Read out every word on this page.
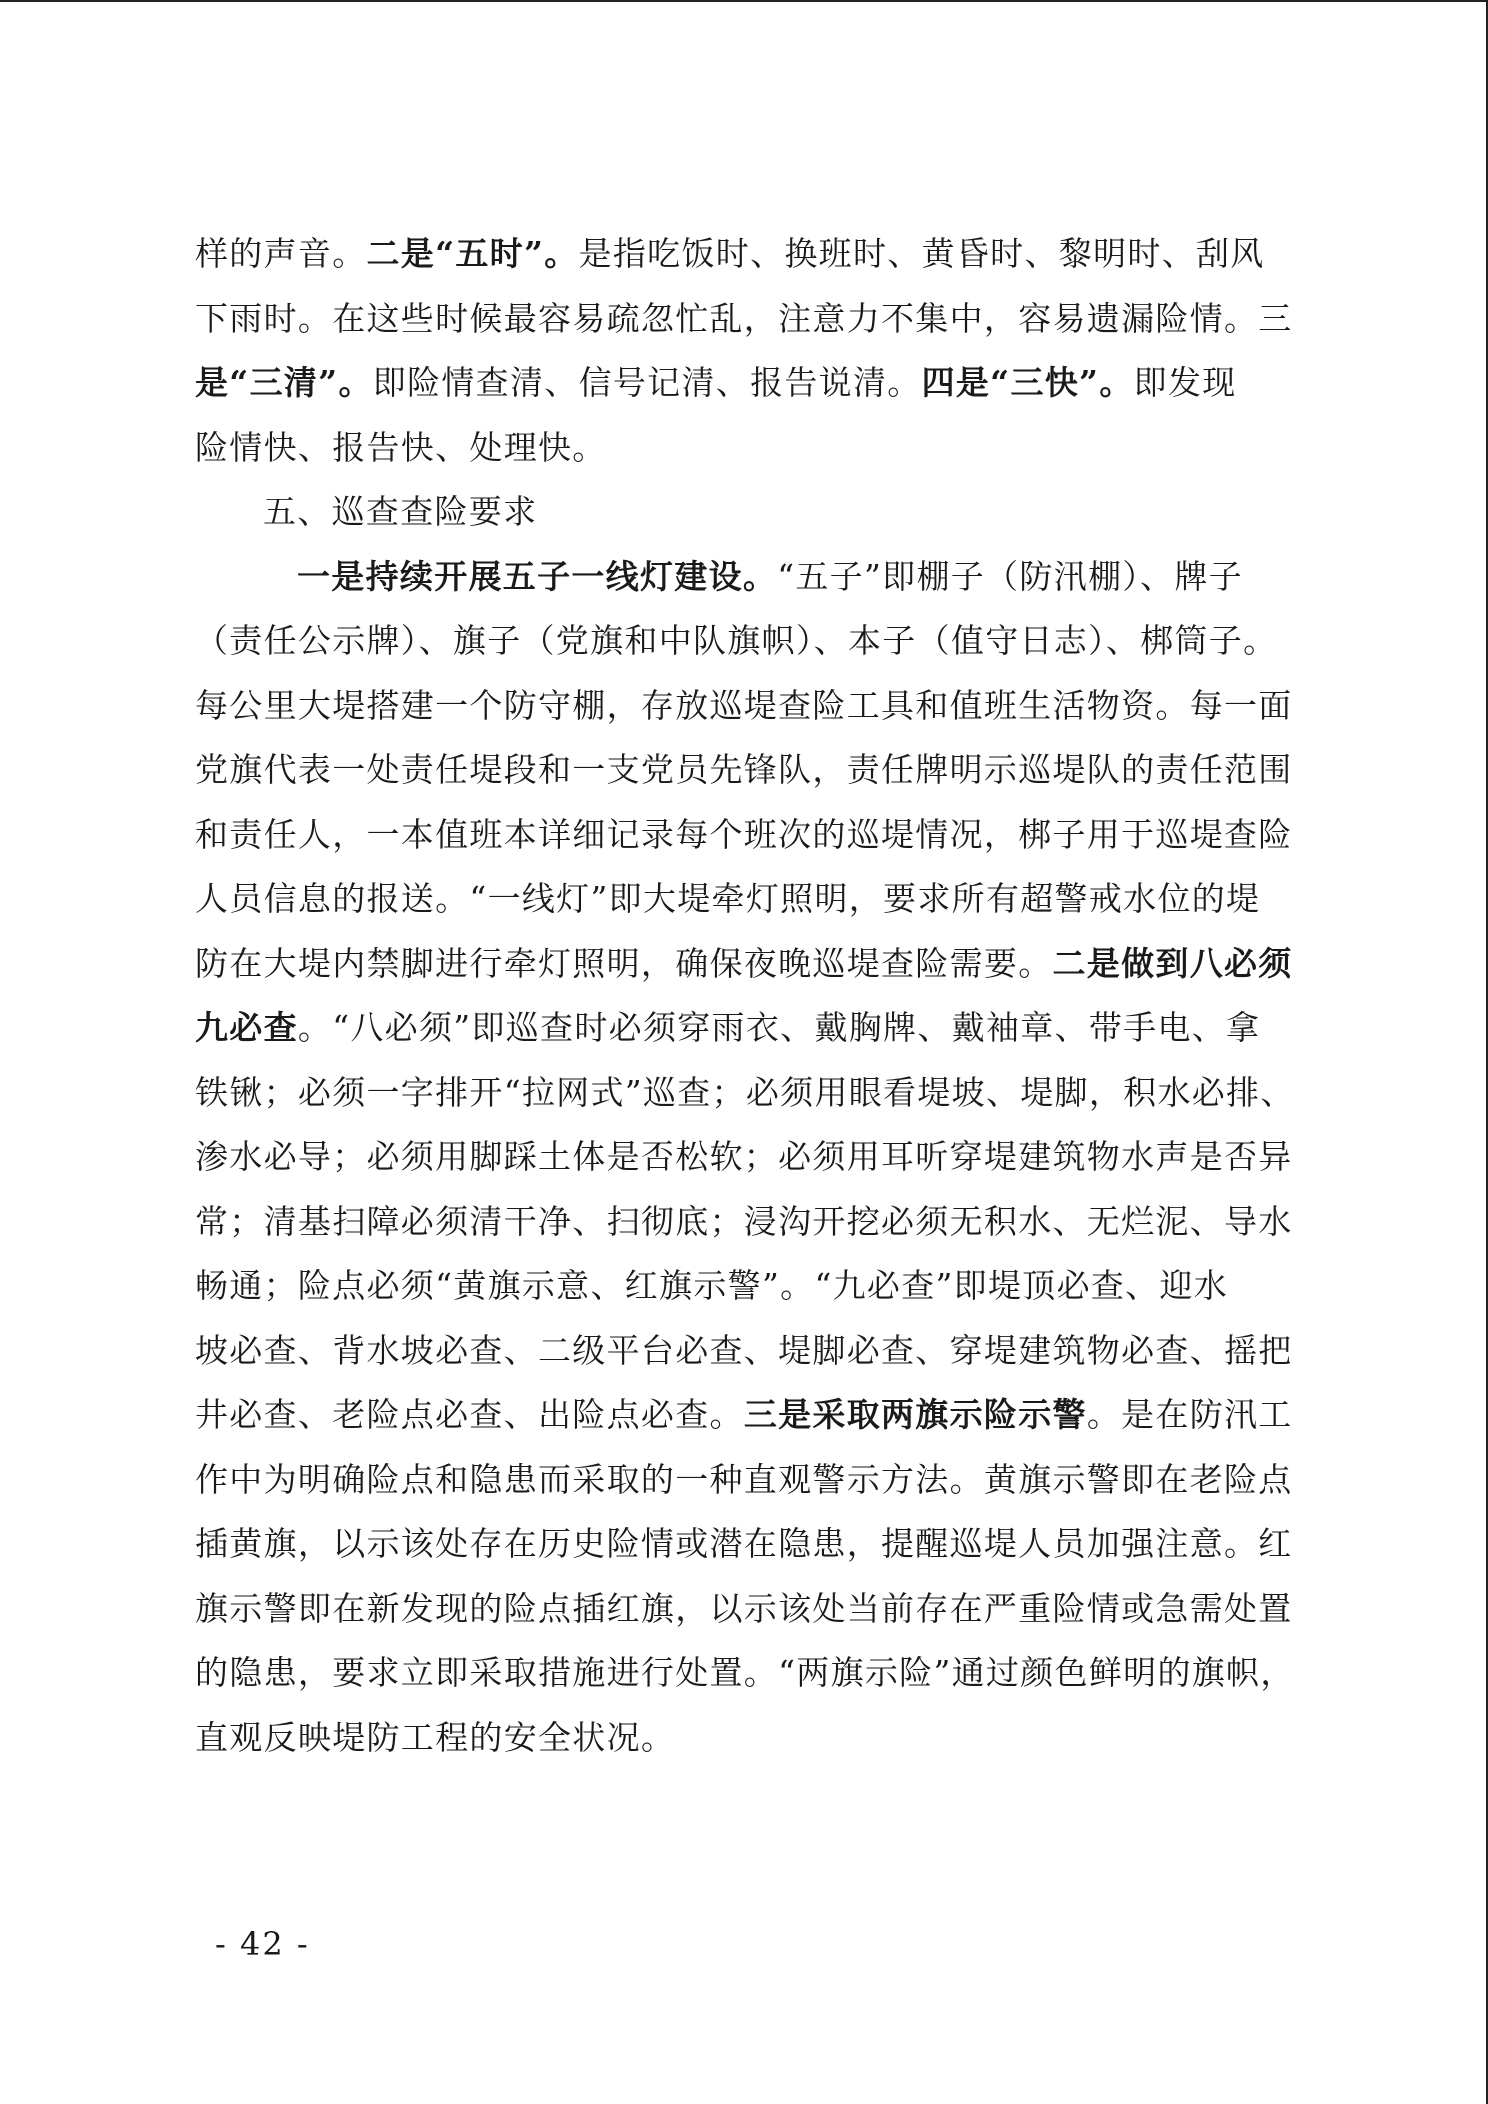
样的声音。二是“五时”。是指吃饭时、换班时、黄昏时、黎明时、刮风
下雨时。在这些时候最容易疏忽忙乱，注意力不集中，容易遗漏险情。三
是“三清”。即险情查清、信号记清、报告说清。四是“三快”。即发现
险情快、报告快、处理快。
五、巡查查险要求
一是持续开展五子一线灯建设。“五子”即棚子（防汛棚）、牌子
（责任公示牌）、旗子（党旗和中队旗帜）、本子（值守日志）、梆筒子。
每公里大堤搭建一个防守棚，存放巡堤查险工具和值班生活物资。每一面
党旗代表一处责任堤段和一支党员先锋队，责任牌明示巡堤队的责任范围
和责任人，一本值班本详细记录每个班次的巡堤情况，梆子用于巡堤查险
人员信息的报送。“一线灯”即大堤牵灯照明，要求所有超警戒水位的堤
防在大堤内禁脚进行牵灯照明，确保夜晚巡堤查险需要。二是做到八必须
九必查。“八必须”即巡查时必须穿雨衣、戴胸牌、戴袖章、带手电、拿
铁锹；必须一字排开“拉网式”巡查；必须用眼看堤坡、堤脚，积水必排、
渗水必导；必须用脚踩土体是否松软；必须用耳听穿堤建筑物水声是否异
常；清基扫障必须清干净、扫彻底；浸沟开挖必须无积水、无烂泥、导水
畅通；险点必须“黄旗示意、红旗示警”。“九必查”即堤顶必查、迎水
坡必查、背水坡必查、二级平台必查、堤脚必查、穿堤建筑物必查、摇把
井必查、老险点必查、出险点必查。三是采取两旗示险示警。是在防汛工
作中为明确险点和隐患而采取的一种直观警示方法。黄旗示警即在老险点
插黄旗，以示该处存在历史险情或潜在隐患，提醒巡堤人员加强注意。红
旗示警即在新发现的险点插红旗，以示该处当前存在严重险情或急需处置
的隐患，要求立即采取措施进行处置。“两旗示险”通过颜色鲜明的旗帜，
直观反映堤防工程的安全状况。
- 42 -
